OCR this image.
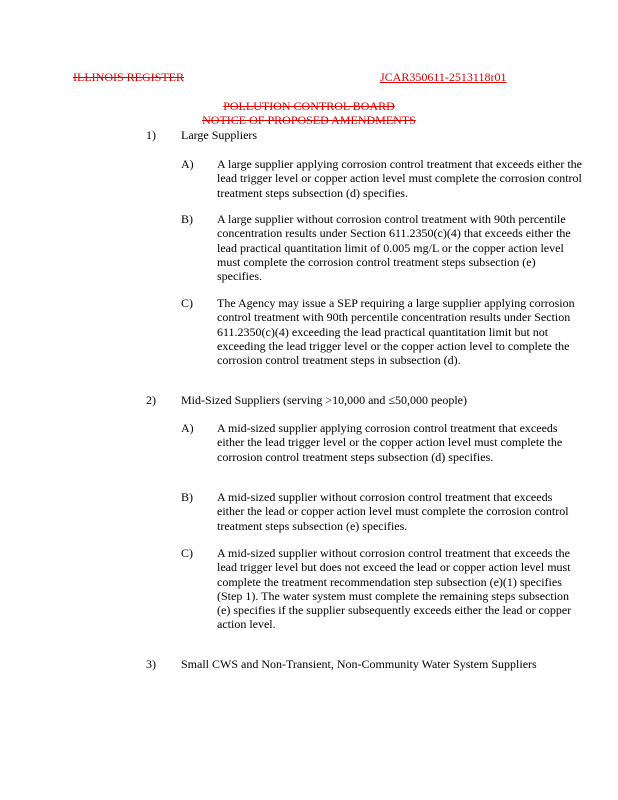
ILLINOIS REGISTER	JCAR350611-2513118r01
POLLUTION CONTROL BOARD
NOTICE OF PROPOSED AMENDMENTS
1) Large Suppliers
A) A large supplier applying corrosion control treatment that exceeds either the lead trigger level or copper action level must complete the corrosion control treatment steps subsection (d) specifies.
B) A large supplier without corrosion control treatment with 90th percentile concentration results under Section 611.2350(c)(4) that exceeds either the lead practical quantitation limit of 0.005 mg/L or the copper action level must complete the corrosion control treatment steps subsection (e) specifies.
C) The Agency may issue a SEP requiring a large supplier applying corrosion control treatment with 90th percentile concentration results under Section 611.2350(c)(4) exceeding the lead practical quantitation limit but not exceeding the lead trigger level or the copper action level to complete the corrosion control treatment steps in subsection (d).
2) Mid-Sized Suppliers (serving >10,000 and ≤50,000 people)
A) A mid-sized supplier applying corrosion control treatment that exceeds either the lead trigger level or the copper action level must complete the corrosion control treatment steps subsection (d) specifies.
B) A mid-sized supplier without corrosion control treatment that exceeds either the lead or copper action level must complete the corrosion control treatment steps subsection (e) specifies.
C) A mid-sized supplier without corrosion control treatment that exceeds the lead trigger level but does not exceed the lead or copper action level must complete the treatment recommendation step subsection (e)(1) specifies (Step 1). The water system must complete the remaining steps subsection (e) specifies if the supplier subsequently exceeds either the lead or copper action level.
3) Small CWS and Non-Transient, Non-Community Water System Suppliers
